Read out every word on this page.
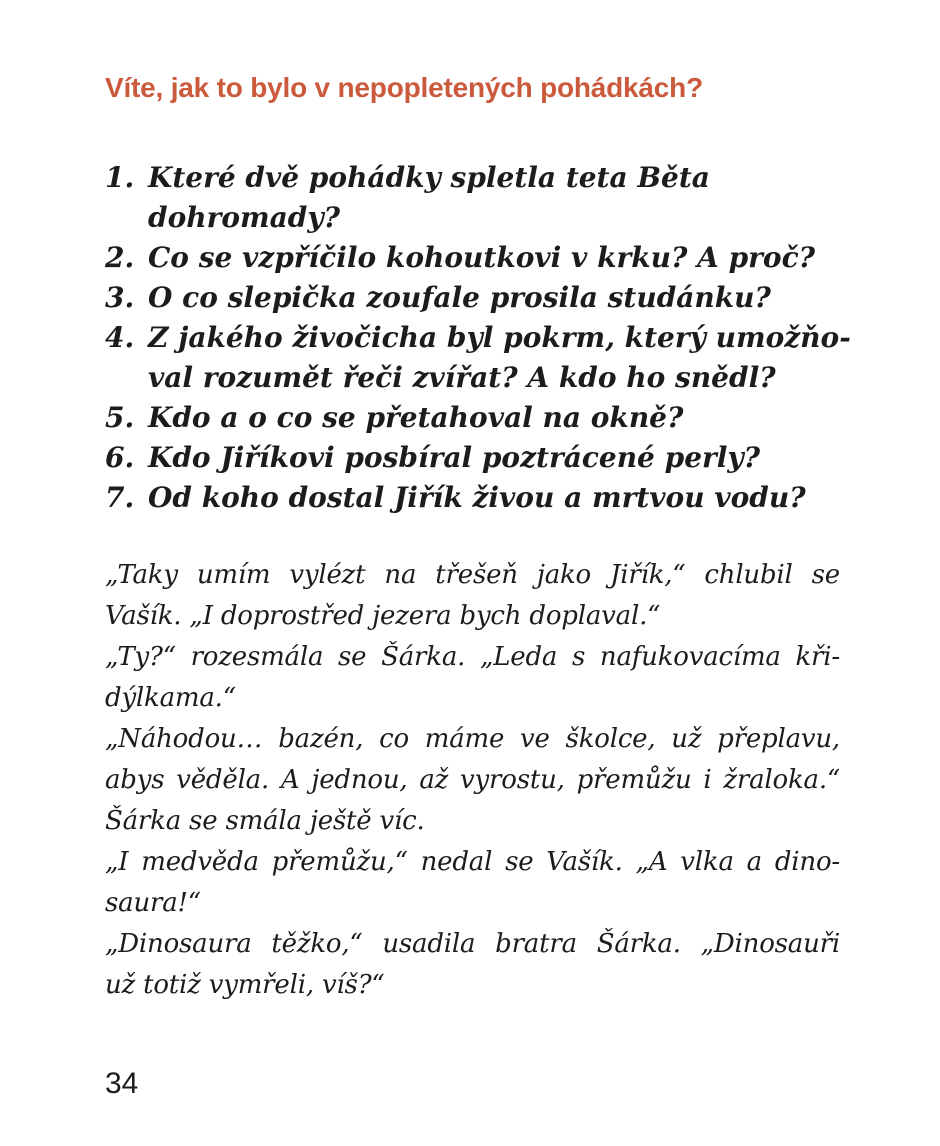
Víte, jak to bylo v nepopletených pohádkách?
1. Které dvě pohádky spletla teta Běta
dohromady?
2. Co se vzpříčilo kohoutkovi v krku? A proč?
3. O co slepička zoufale prosila studánku?
4. Z jakého živočicha byl pokrm, který umožňo-
val rozumět řeči zvířat? A kdo ho snědl?
5. Kdo a o co se přetahoval na okně?
6. Kdo Jiříkovi posbíral poztrácené perly?
7. Od koho dostal Jiřík živou a mrtvou vodu?
„Taky umím vylézt na třešeň jako Jiřík,“ chlubil se
Vašík. „I doprostřed jezera bych doplaval.“
„Ty?“ rozesmála se Šárka. „Leda s nafukovacíma kři-
dýlkama.“
„Náhodou… bazén, co máme ve školce, už přeplavu,
abys věděla. A jednou, až vyrostu, přemůžu i žraloka.“
Šárka se smála ještě víc.
„I medvěda přemůžu,“ nedal se Vašík. „A vlka a dino-
saura!“
„Dinosaura těžko,“ usadila bratra Šárka. „Dinosauři
už totiž vymřeli, víš?“
34
